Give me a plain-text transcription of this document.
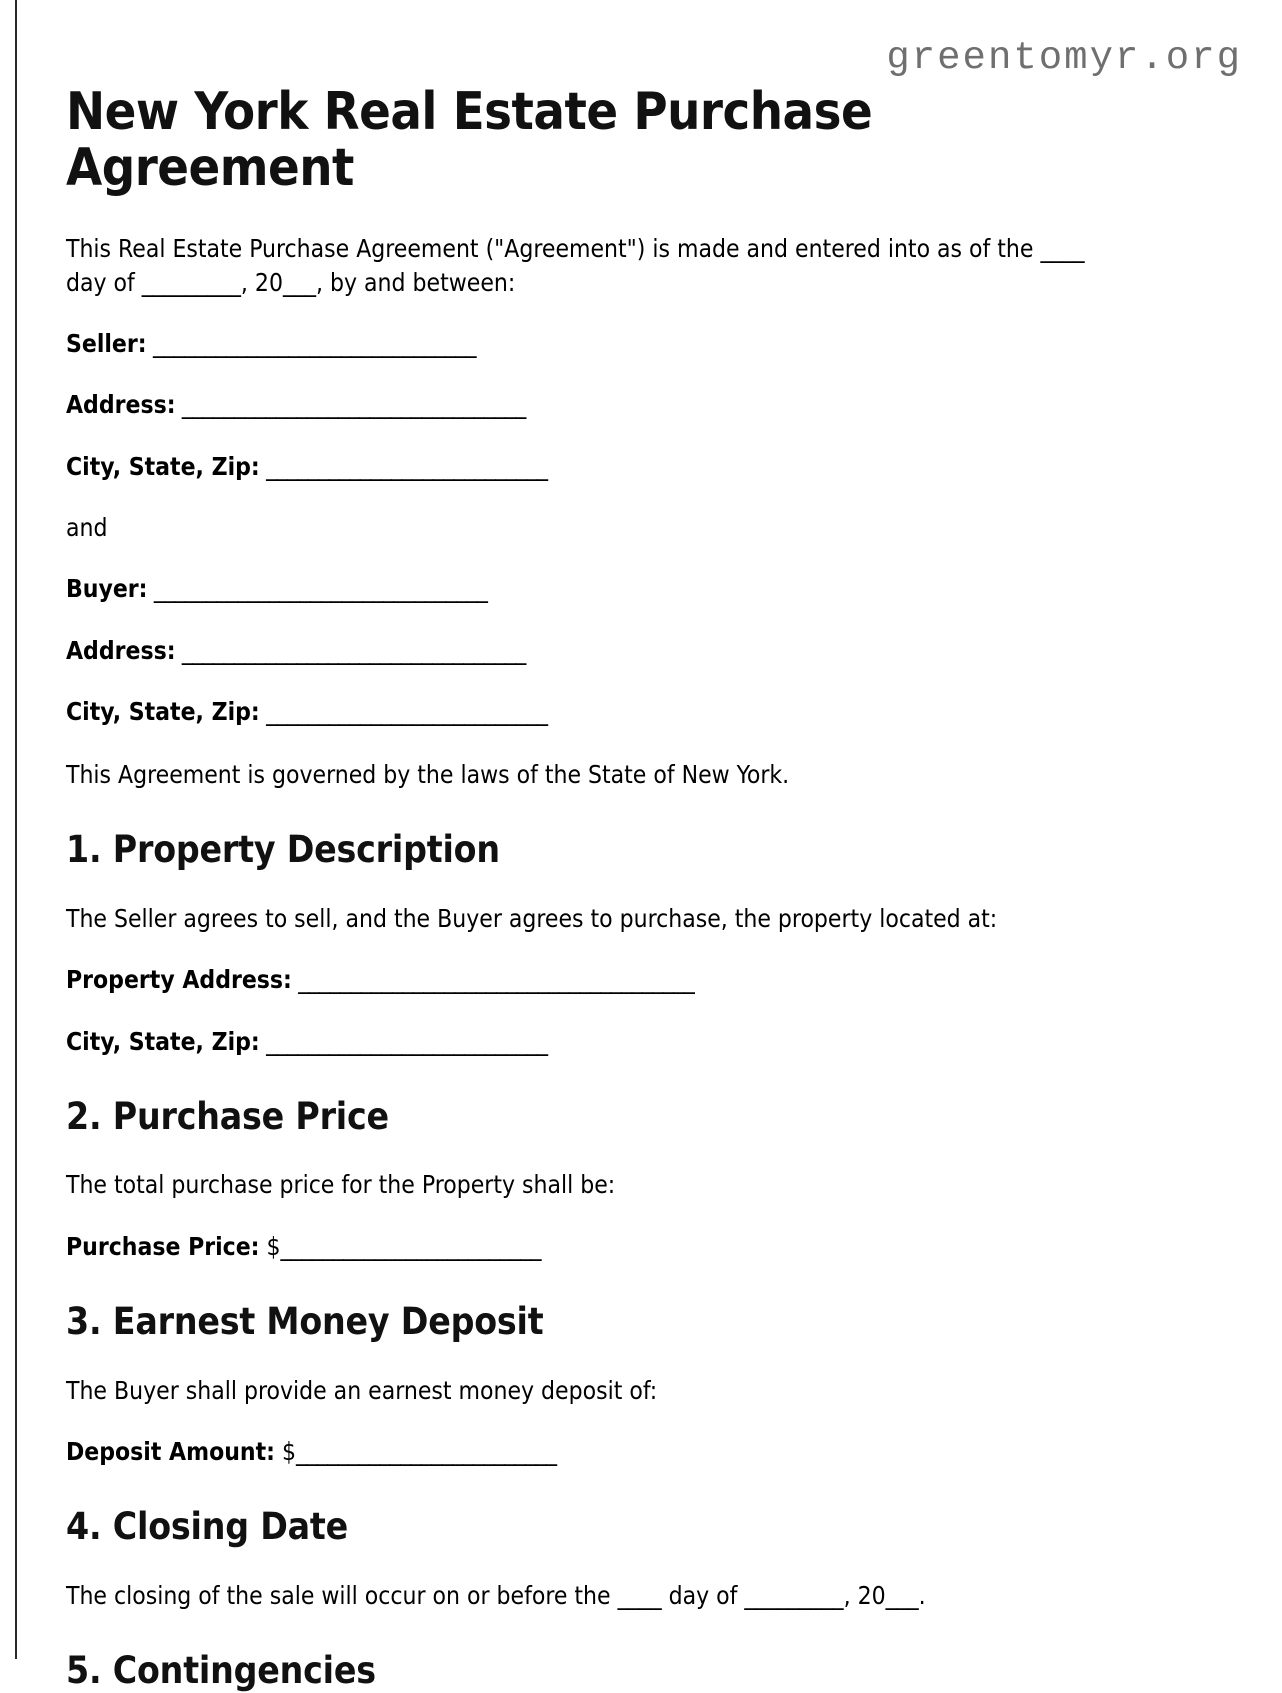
greentomyr.org
New York Real Estate Purchase Agreement

This Real Estate Purchase Agreement ("Agreement") is made and entered into as of the ____ day of _________, 20___, by and between:

Seller: _______________________________

Address: _________________________________

City, State, Zip: ___________________________

and

Buyer: ________________________________

Address: _________________________________

City, State, Zip: ___________________________

This Agreement is governed by the laws of the State of New York.

1. Property Description

The Seller agrees to sell, and the Buyer agrees to purchase, the property located at:

Property Address: ______________________________________

City, State, Zip: ___________________________

2. Purchase Price

The total purchase price for the Property shall be:

Purchase Price: $_________________________

3. Earnest Money Deposit

The Buyer shall provide an earnest money deposit of:

Deposit Amount: $_________________________

4. Closing Date

The closing of the sale will occur on or before the ____ day of _________, 20___.

5. Contingencies
